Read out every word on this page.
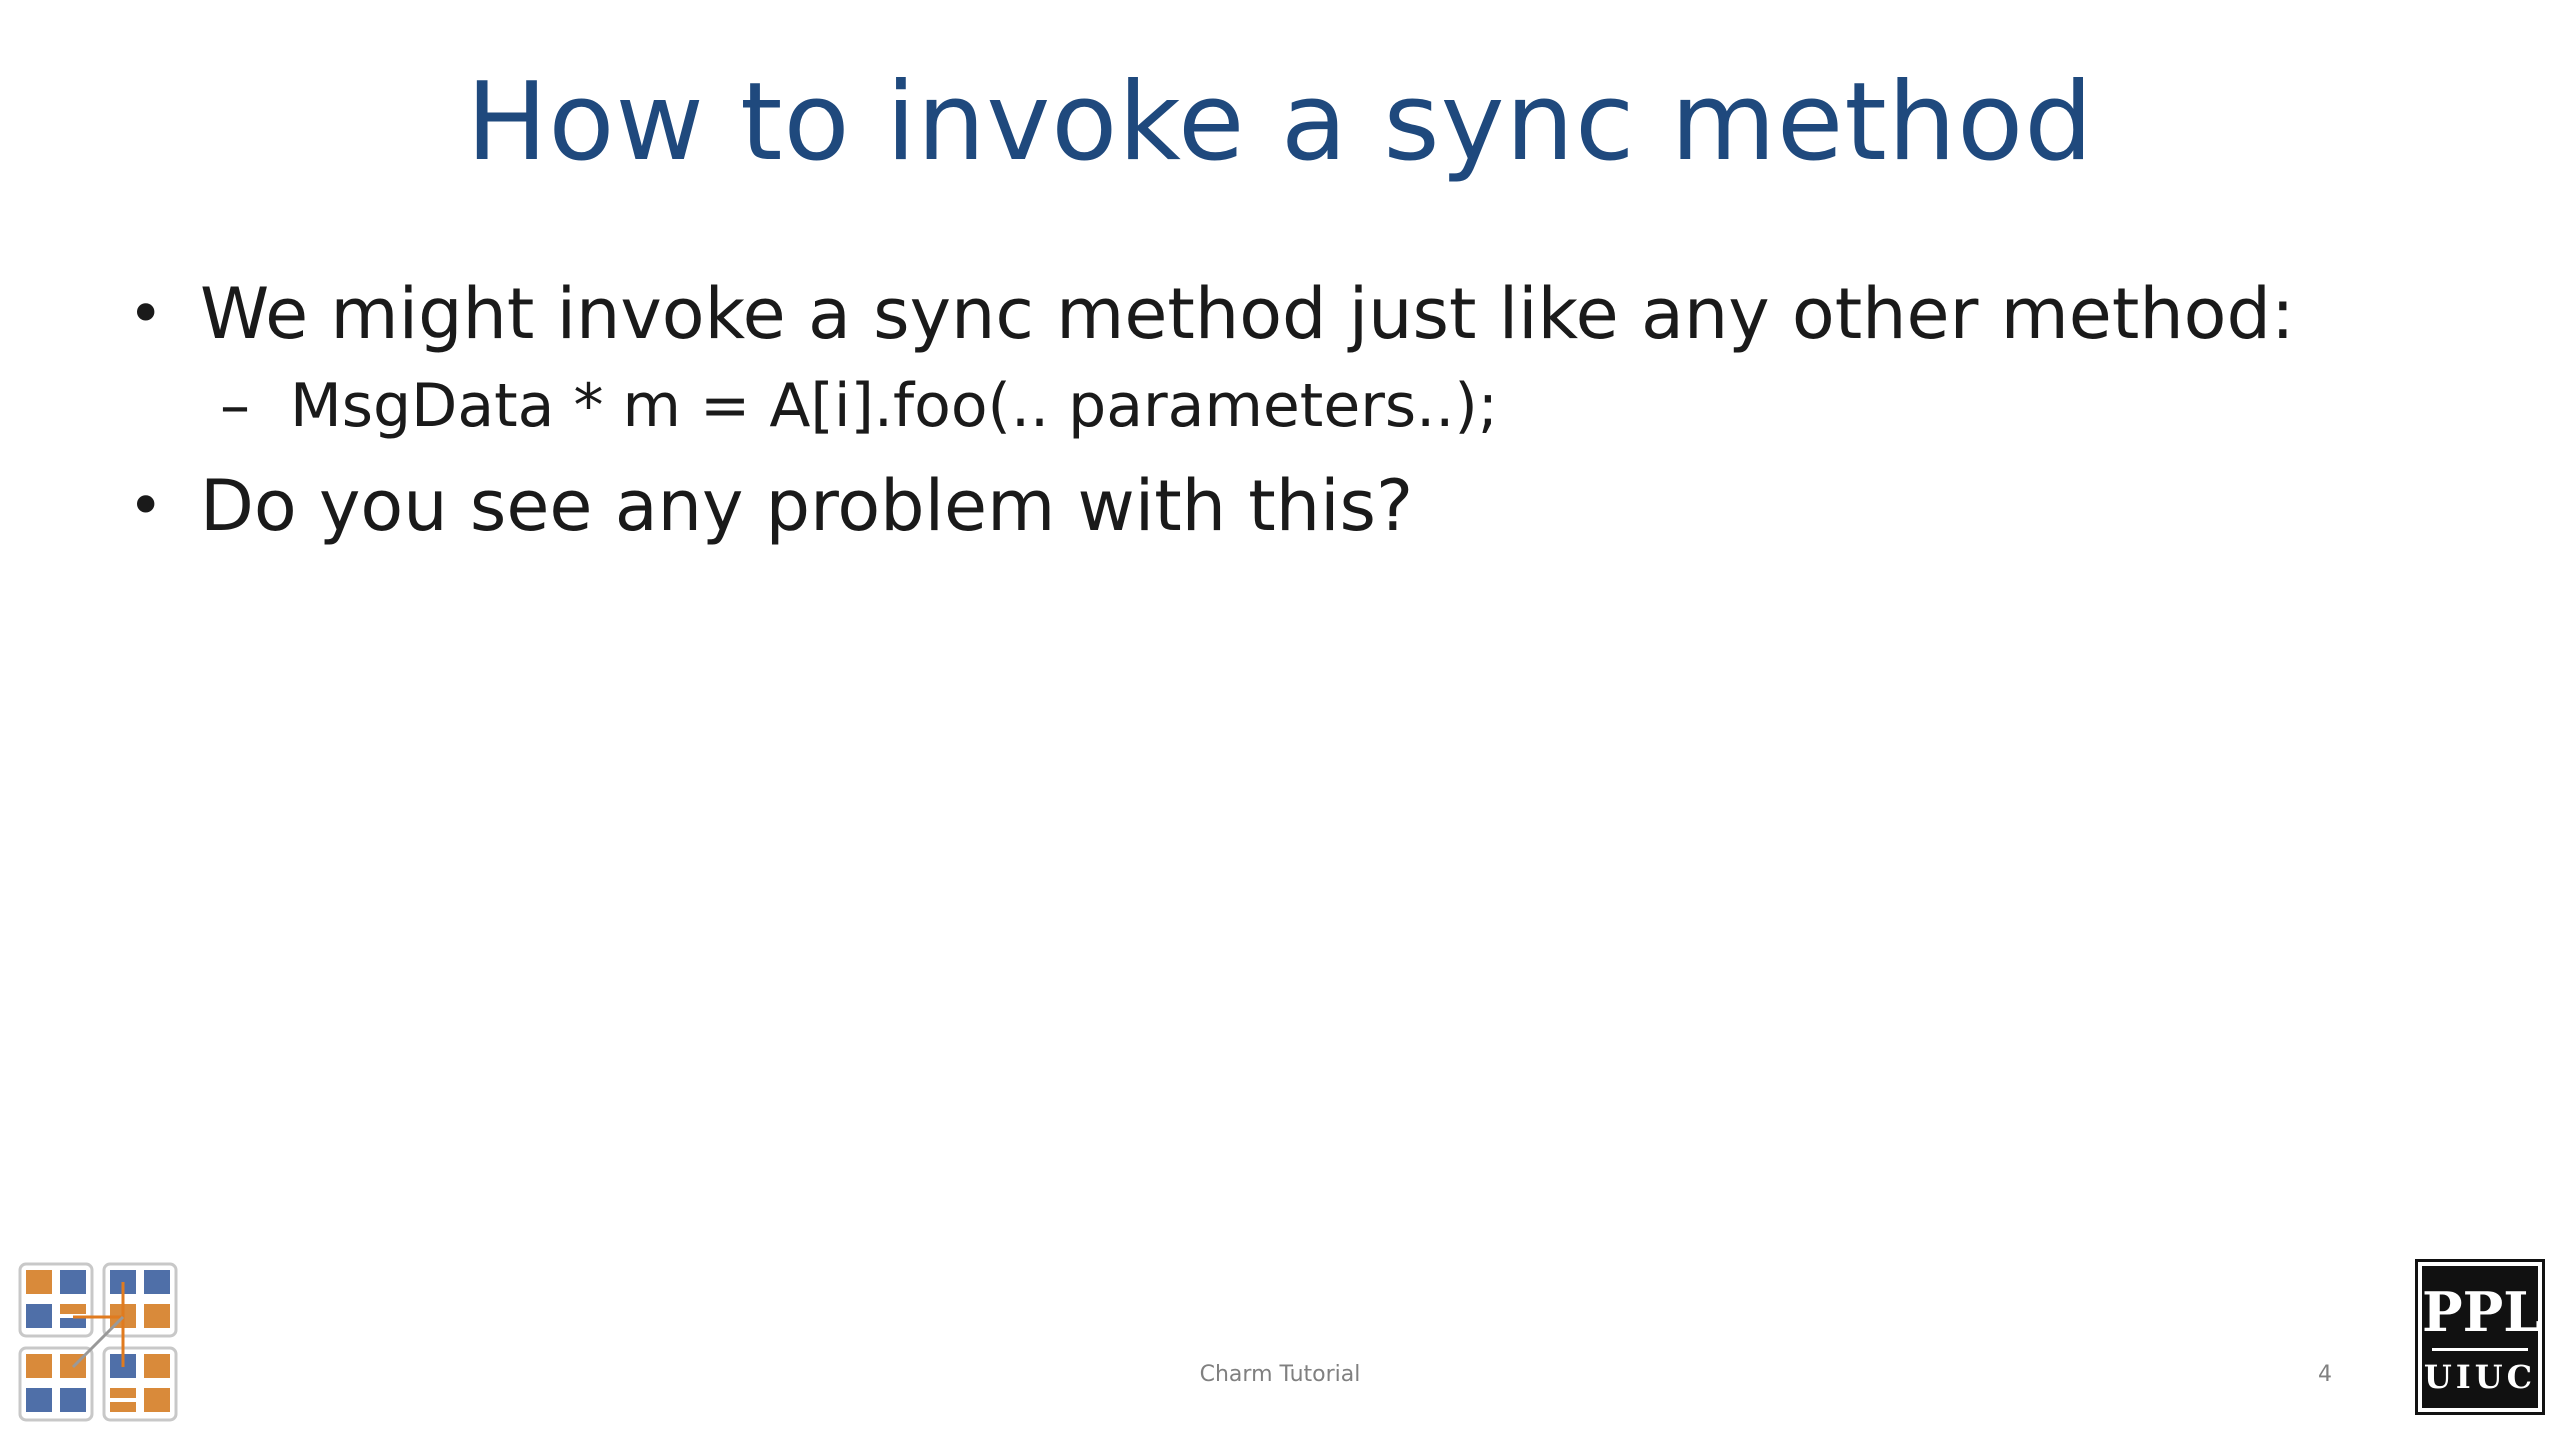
How to invoke a sync method
• We might invoke a sync method just like any other method:
– MsgData * m = A[i].foo(.. parameters..);
• Do you see any problem with this?
Charm Tutorial	4
PPL
UIUC
